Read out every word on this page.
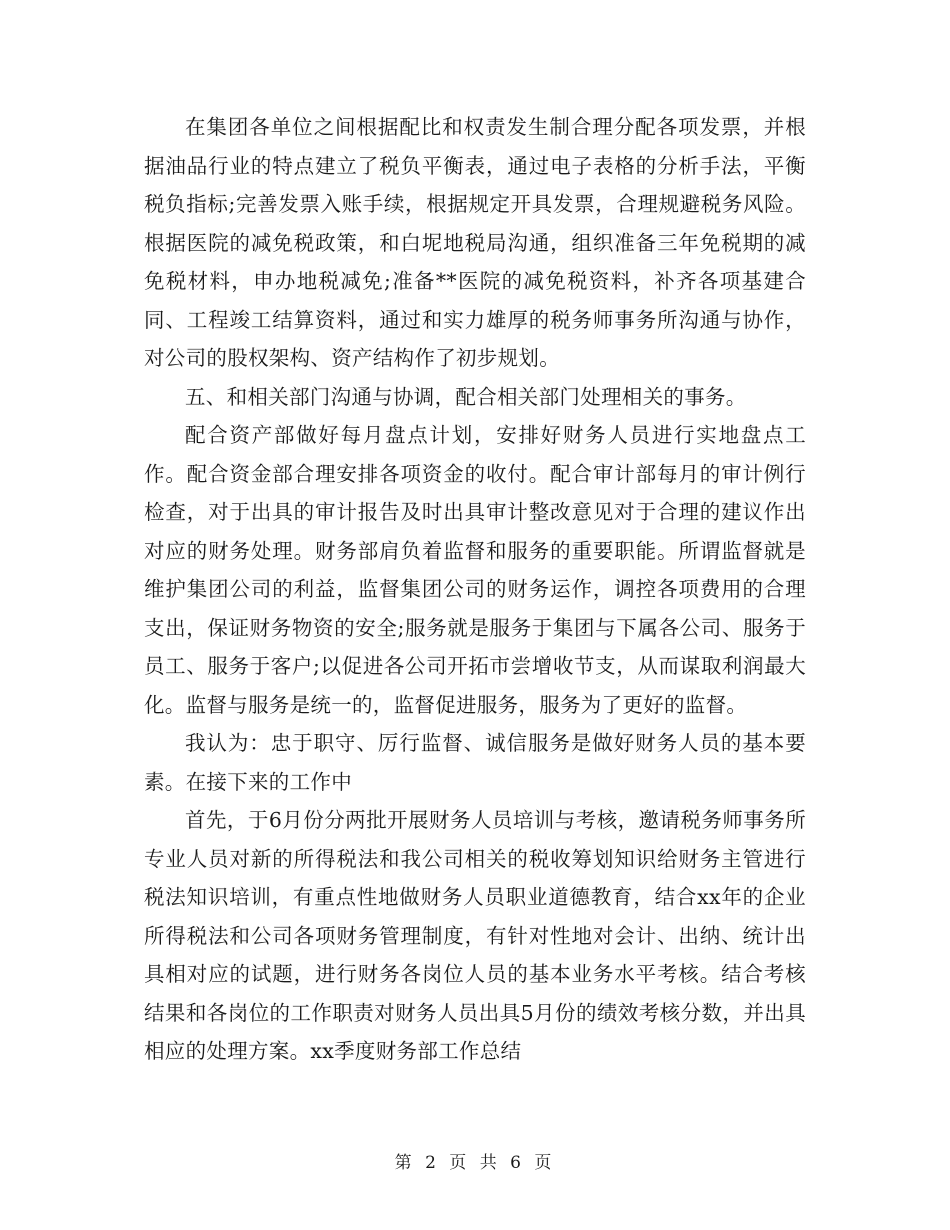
在集团各单位之间根据配比和权责发生制合理分配各项发票，并根据油品行业的特点建立了税负平衡表，通过电子表格的分析手法，平衡税负指标;完善发票入账手续，根据规定开具发票，合理规避税务风险。根据医院的减免税政策，和白坭地税局沟通，组织准备三年免税期的减免税材料，申办地税减免;准备**医院的减免税资料，补齐各项基建合同、工程竣工结算资料，通过和实力雄厚的税务师事务所沟通与协作，对公司的股权架构、资产结构作了初步规划。

五、和相关部门沟通与协调，配合相关部门处理相关的事务。

配合资产部做好每月盘点计划，安排好财务人员进行实地盘点工作。配合资金部合理安排各项资金的收付。配合审计部每月的审计例行检查，对于出具的审计报告及时出具审计整改意见对于合理的建议作出对应的财务处理。财务部肩负着监督和服务的重要职能。所谓监督就是维护集团公司的利益，监督集团公司的财务运作，调控各项费用的合理支出，保证财务物资的安全;服务就是服务于集团与下属各公司、服务于员工、服务于客户;以促进各公司开拓市尝增收节支，从而谋取利润最大化。监督与服务是统一的，监督促进服务，服务为了更好的监督。

我认为：忠于职守、厉行监督、诚信服务是做好财务人员的基本要素。在接下来的工作中

首先，于6月份分两批开展财务人员培训与考核，邀请税务师事务所专业人员对新的所得税法和我公司相关的税收筹划知识给财务主管进行税法知识培训，有重点性地做财务人员职业道德教育，结合xx年的企业所得税法和公司各项财务管理制度，有针对性地对会计、出纳、统计出具相对应的试题，进行财务各岗位人员的基本业务水平考核。结合考核结果和各岗位的工作职责对财务人员出具5月份的绩效考核分数，并出具相应的处理方案。xx季度财务部工作总结

第 2 页 共 6 页
